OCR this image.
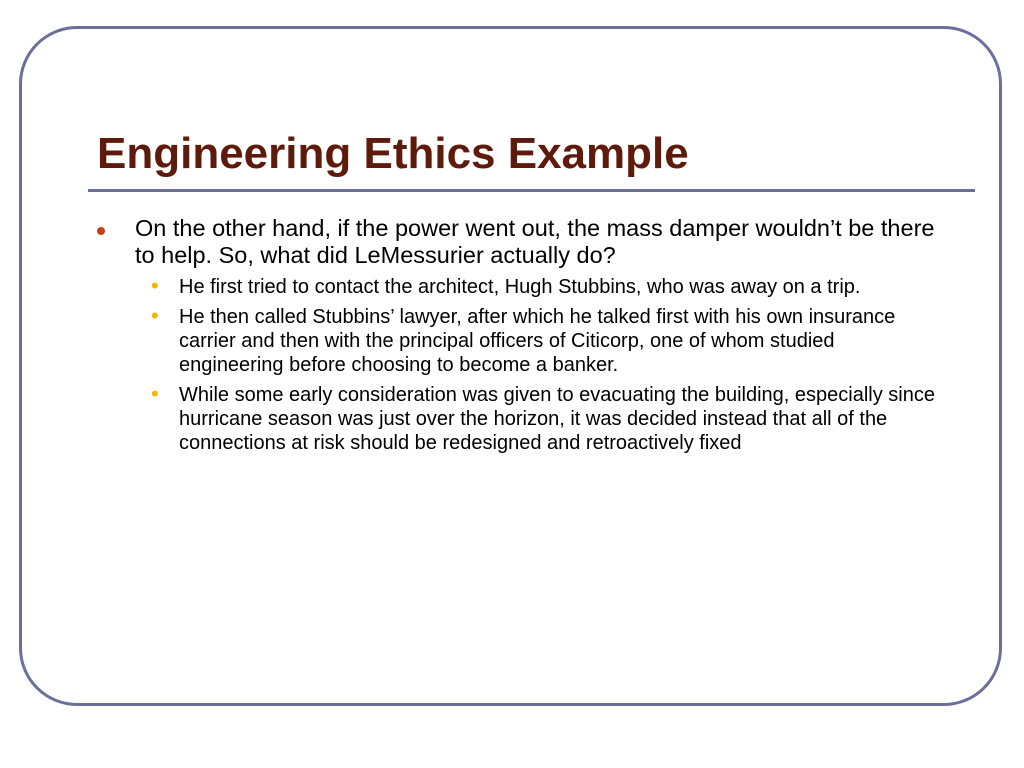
Engineering Ethics Example
On the other hand, if the power went out, the mass damper wouldn’t be there to help. So, what did LeMessurier actually do?
• He first tried to contact the architect, Hugh Stubbins, who was away on a trip.
• He then called Stubbins’ lawyer, after which he talked first with his own insurance carrier and then with the principal officers of Citicorp, one of whom studied engineering before choosing to become a banker.
• While some early consideration was given to evacuating the building, especially since hurricane season was just over the horizon, it was decided instead that all of the connections at risk should be redesigned and retroactively fixed
